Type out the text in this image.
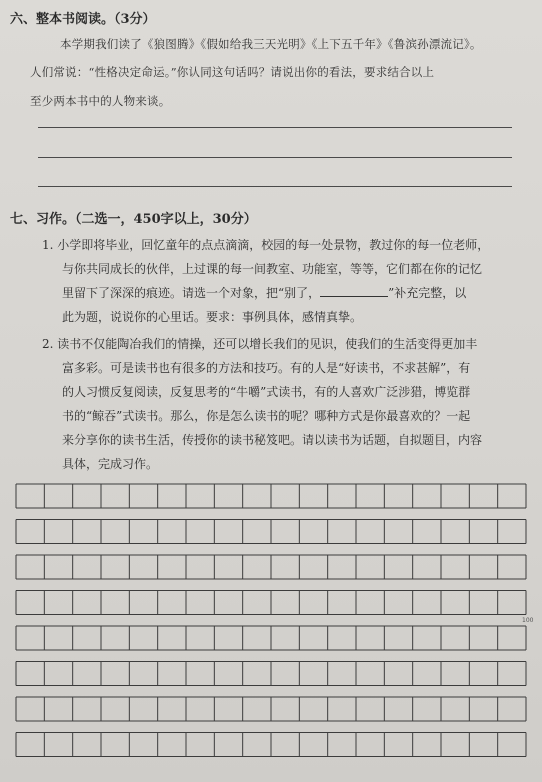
六、整本书阅读。（3分）
本学期我们读了《狼图腾》《假如给我三天光明》《上下五千年》《鲁滨孙漂流记》。
人们常说：“性格决定命运。”你认同这句话吗？请说出你的看法，要求结合以上
至少两本书中的人物来谈。
七、习作。（二选一，450字以上，30分）
1. 小学即将毕业，回忆童年的点点滴滴，校园的每一处景物，教过你的每一位老师，
与你共同成长的伙伴，上过课的每一间教室、功能室，等等，它们都在你的记忆
里留下了深深的痕迹。请选一个对象，把“别了，	”补充完整，以
此为题，说说你的心里话。要求：事例具体，感情真挚。
2. 读书不仅能陶冶我们的情操，还可以增长我们的见识，使我们的生活变得更加丰
富多彩。可是读书也有很多的方法和技巧。有的人是“好读书，不求甚解”，有
的人习惯反复阅读，反复思考的“牛嚼”式读书，有的人喜欢广泛涉猎，博览群
书的“鲸吞”式读书。那么，你是怎么读书的呢？哪种方式是你最喜欢的？一起
来分享你的读书生活，传授你的读书秘笈吧。请以读书为话题，自拟题目，内容
具体，完成习作。
100
